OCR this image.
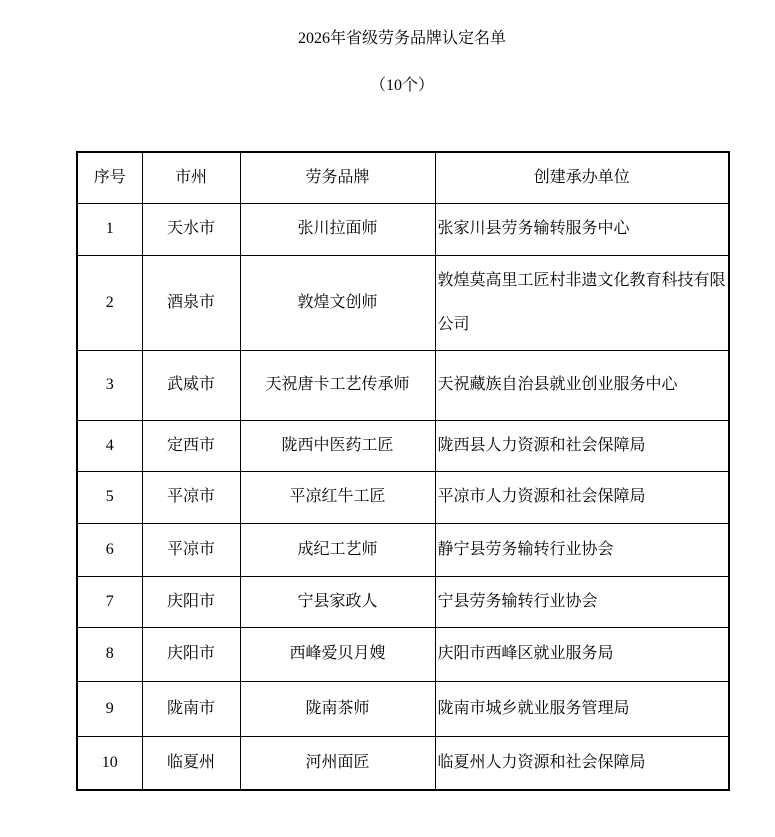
2026年省级劳务品牌认定名单
（10个）
序号	市州	劳务品牌	创建承办单位
1	天水市	张川拉面师	张家川县劳务输转服务中心
2	酒泉市	敦煌文创师	敦煌莫高里工匠村非遗文化教育科技有限公司
3	武威市	天祝唐卡工艺传承师	天祝藏族自治县就业创业服务中心
4	定西市	陇西中医药工匠	陇西县人力资源和社会保障局
5	平凉市	平凉红牛工匠	平凉市人力资源和社会保障局
6	平凉市	成纪工艺师	静宁县劳务输转行业协会
7	庆阳市	宁县家政人	宁县劳务输转行业协会
8	庆阳市	西峰爱贝月嫂	庆阳市西峰区就业服务局
9	陇南市	陇南茶师	陇南市城乡就业服务管理局
10	临夏州	河州面匠	临夏州人力资源和社会保障局
